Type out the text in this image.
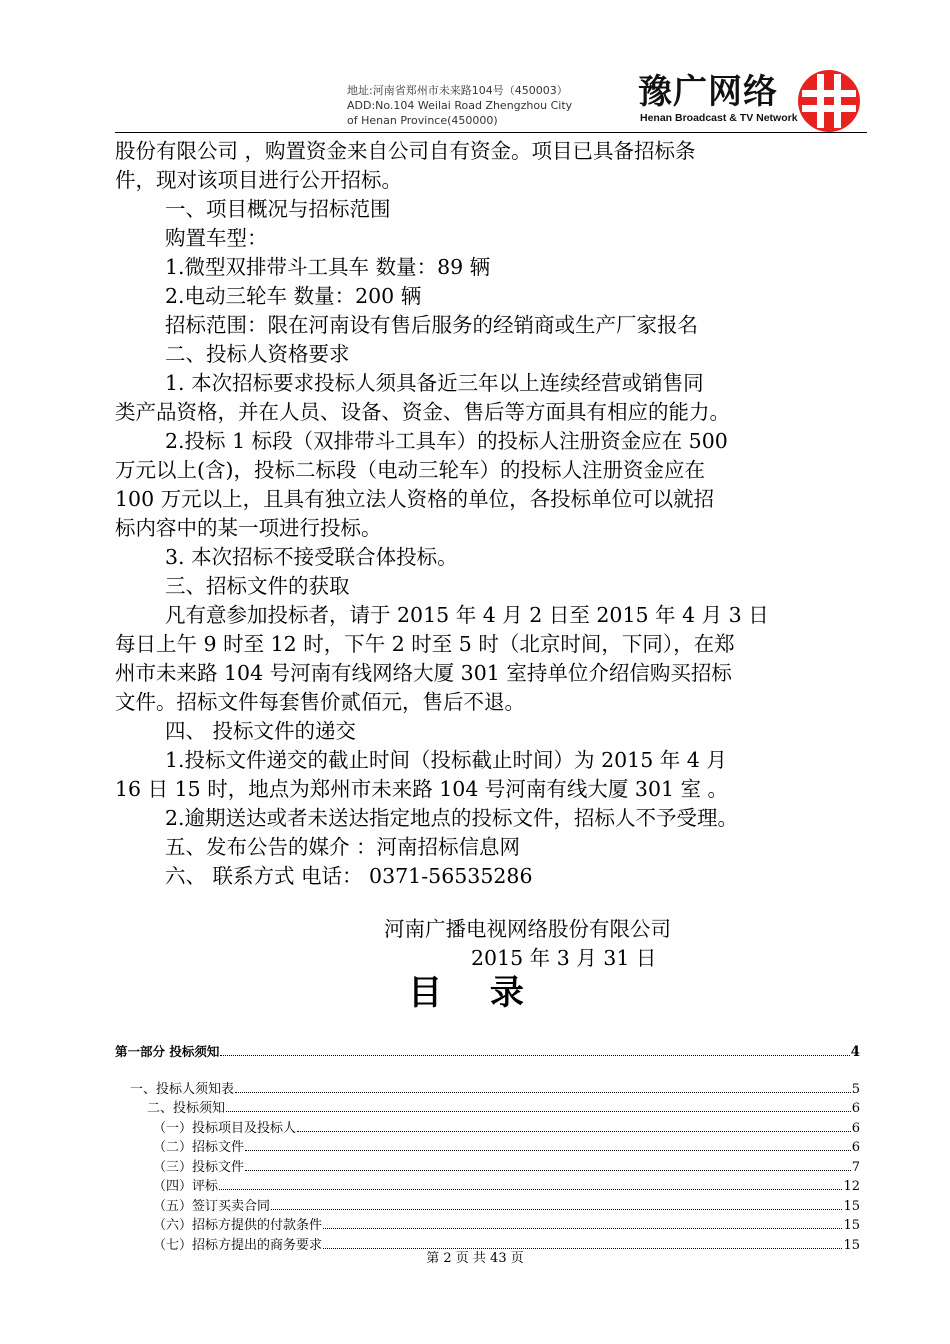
地址:河南省郑州市未来路104号（450003）
ADD:No.104 Weilai Road Zhengzhou City
of Henan Province(450000)
豫广网络
Henan Broadcast & TV Network
股份有限公司 ，购置资金来自公司自有资金。项目已具备招标条
件，现对该项目进行公开招标。
一、项目概况与招标范围
购置车型：
1.微型双排带斗工具车 数量：89 辆
2.电动三轮车 数量：200 辆
招标范围：限在河南设有售后服务的经销商或生产厂家报名
二、投标人资格要求
1. 本次招标要求投标人须具备近三年以上连续经营或销售同
类产品资格，并在人员、设备、资金、售后等方面具有相应的能力。
2.投标 1 标段（双排带斗工具车）的投标人注册资金应在 500
万元以上(含)，投标二标段（电动三轮车）的投标人注册资金应在
100 万元以上，且具有独立法人资格的单位，各投标单位可以就招
标内容中的某一项进行投标。
3. 本次招标不接受联合体投标。
三、招标文件的获取
凡有意参加投标者，请于 2015 年 4 月 2 日至 2015 年 4 月 3 日
每日上午 9 时至 12 时，下午 2 时至 5 时（北京时间，下同），在郑
州市未来路 104 号河南有线网络大厦 301 室持单位介绍信购买招标
文件。招标文件每套售价贰佰元，售后不退。
四、 投标文件的递交
1.投标文件递交的截止时间（投标截止时间）为 2015 年 4 月
16 日 15 时，地点为郑州市未来路 104 号河南有线大厦 301 室 。
2.逾期送达或者未送达指定地点的投标文件，招标人不予受理。
五、发布公告的媒介 ：河南招标信息网
六、 联系方式 电话： 0371-56535286
河南广播电视网络股份有限公司
2015 年 3 月 31 日
目 录
第一部分 投标须知	4
一、投标人须知表	5
二、投标须知	6
（一）投标项目及投标人	6
（二）招标文件	6
（三）投标文件	7
（四）评标	12
（五）签订买卖合同	15
（六）招标方提供的付款条件	15
（七）招标方提出的商务要求	15
第 2 页 共 43 页
